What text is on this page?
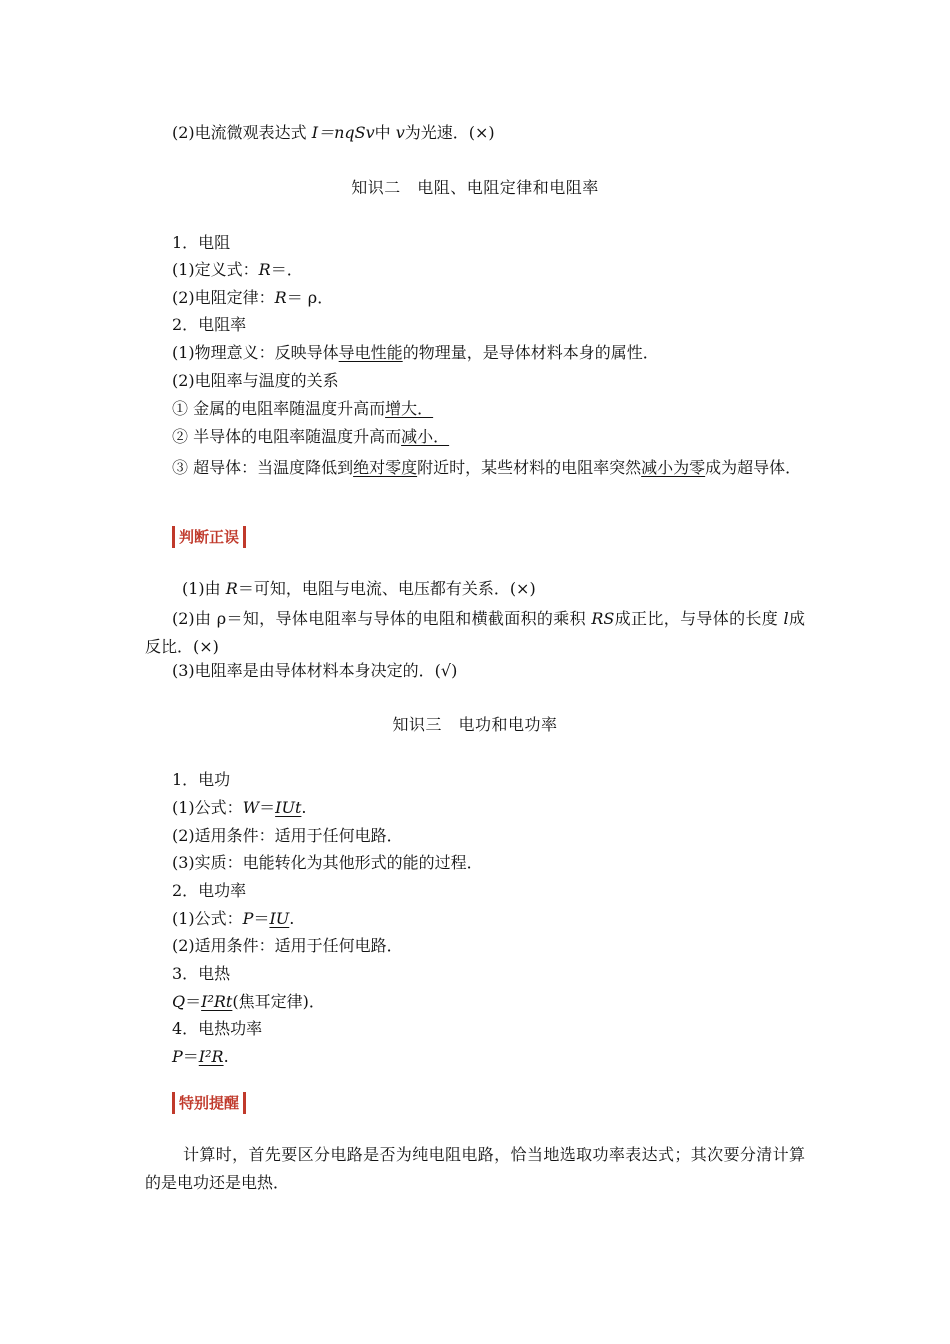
(2)电流微观表达式 I＝nqSv中 v为光速．(×)
知识二　电阻、电阻定律和电阻率
1．电阻
(1)定义式：R＝．
(2)电阻定律：R＝ ρ．
2．电阻率
(1)物理意义：反映导体导电性能的物理量，是导体材料本身的属性．
(2)电阻率与温度的关系
① 金属的电阻率随温度升高而增大．
② 半导体的电阻率随温度升高而减小．
③ 超导体：当温度降低到绝对零度附近时，某些材料的电阻率突然减小为零成为超导体．
判断正误
(1)由 R＝可知，电阻与电流、电压都有关系．(×)
(2)由 ρ＝知，导体电阻率与导体的电阻和横截面积的乘积 RS成正比，与导体的长度 l成反比．(×)
(3)电阻率是由导体材料本身决定的．(√)
知识三　电功和电功率
1．电功
(1)公式：W＝IUt.
(2)适用条件：适用于任何电路．
(3)实质：电能转化为其他形式的能的过程．
2．电功率
(1)公式：P＝IU.
(2)适用条件：适用于任何电路．
3．电热
Q＝I²Rt(焦耳定律)．
4．电热功率
P＝I²R.
特别提醒
计算时，首先要区分电路是否为纯电阻电路，恰当地选取功率表达式；其次要分清计算的是电功还是电热．
